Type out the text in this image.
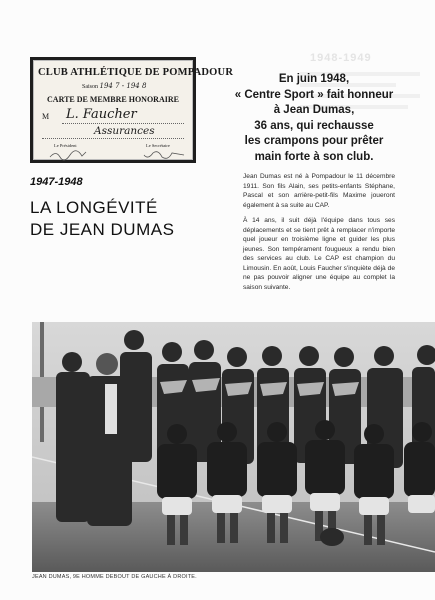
1948-1949
CLUB ATHLÉTIQUE DE POMPADOUR
Saison 194 7 - 194 8
CARTE DE MEMBRE HONORAIRE
M L. Faucher
Assurances
Le Président	Le Secrétaire
En juin 1948,
« Centre Sport » fait honneur
à Jean Dumas,
36 ans, qui rechausse
les crampons pour prêter
main forte à son club.
1947-1948
LA LONGÉVITÉ
DE JEAN DUMAS

Jean Dumas est né à Pompadour le 11 décembre 1911. Son fils Alain, ses petits-enfants Stéphane, Pascal et son arrière-petit-fils Maxime joueront également à sa suite au CAP.

À 14 ans, il suit déjà l'équipe dans tous ses déplacements et se tient prêt à remplacer n'importe quel joueur en troisième ligne et guider les plus jeunes. Son tempérament fougueux a rendu bien des services au club. Le CAP est champion du Limousin. En août, Louis Faucher s'inquiète déjà de ne pas pouvoir aligner une équipe au complet la saison suivante.

JEAN DUMAS, 9E HOMME DEBOUT DE GAUCHE À DROITE.
